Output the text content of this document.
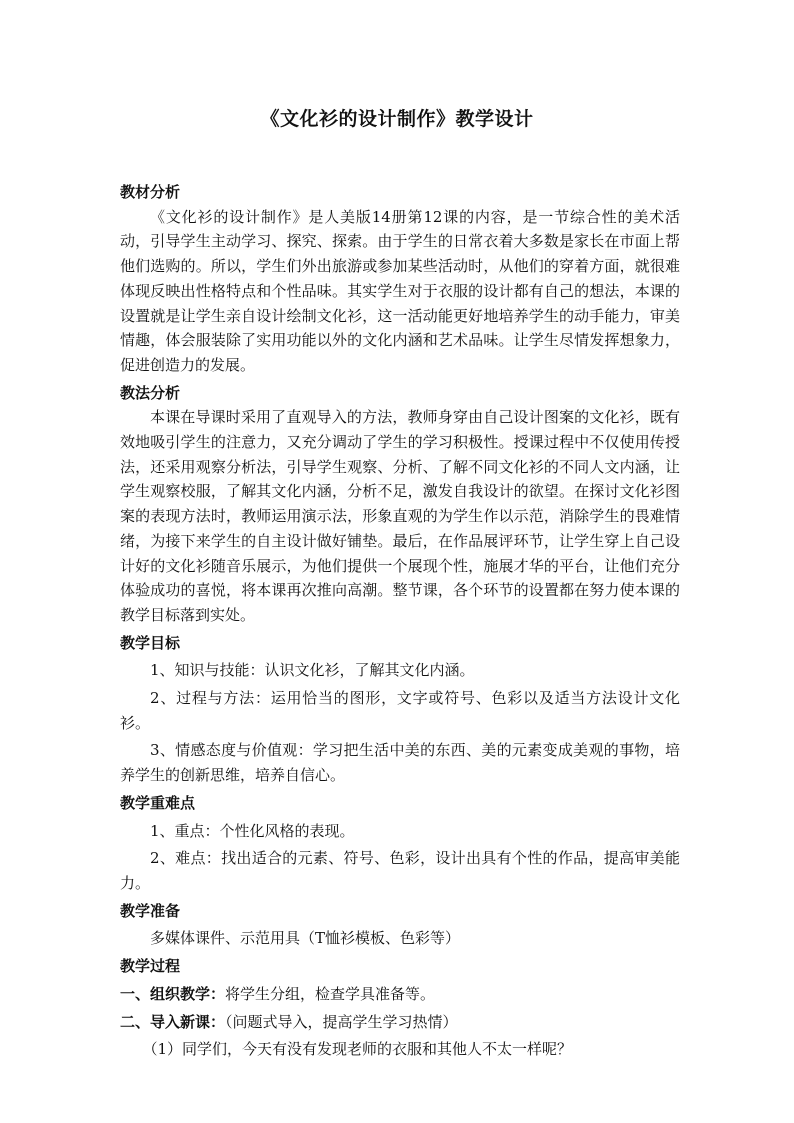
《文化衫的设计制作》教学设计

教材分析

《文化衫的设计制作》是人美版14册第12课的内容，是一节综合性的美术活动，引导学生主动学习、探究、探索。由于学生的日常衣着大多数是家长在市面上帮他们选购的。所以，学生们外出旅游或参加某些活动时，从他们的穿着方面，就很难体现反映出性格特点和个性品味。其实学生对于衣服的设计都有自己的想法，本课的设置就是让学生亲自设计绘制文化衫，这一活动能更好地培养学生的动手能力，审美情趣，体会服装除了实用功能以外的文化内涵和艺术品味。让学生尽情发挥想象力，促进创造力的发展。

教法分析

本课在导课时采用了直观导入的方法，教师身穿由自己设计图案的文化衫，既有效地吸引学生的注意力，又充分调动了学生的学习积极性。授课过程中不仅使用传授法，还采用观察分析法，引导学生观察、分析、了解不同文化衫的不同人文内涵，让学生观察校服，了解其文化内涵，分析不足，激发自我设计的欲望。在探讨文化衫图案的表现方法时，教师运用演示法，形象直观的为学生作以示范，消除学生的畏难情绪，为接下来学生的自主设计做好铺垫。最后，在作品展评环节，让学生穿上自己设计好的文化衫随音乐展示，为他们提供一个展现个性，施展才华的平台，让他们充分体验成功的喜悦，将本课再次推向高潮。整节课，各个环节的设置都在努力使本课的教学目标落到实处。

教学目标

1、知识与技能：认识文化衫，了解其文化内涵。

2、过程与方法：运用恰当的图形，文字或符号、色彩以及适当方法设计文化衫。

3、情感态度与价值观：学习把生活中美的东西、美的元素变成美观的事物，培养学生的创新思维，培养自信心。

教学重难点

1、重点：个性化风格的表现。

2、难点：找出适合的元素、符号、色彩，设计出具有个性的作品，提高审美能力。

教学准备

多媒体课件、示范用具（T恤衫模板、色彩等）

教学过程

一、组织教学：将学生分组，检查学具准备等。

二、导入新课：（问题式导入，提高学生学习热情）

（1）同学们，今天有没有发现老师的衣服和其他人不太一样呢？
